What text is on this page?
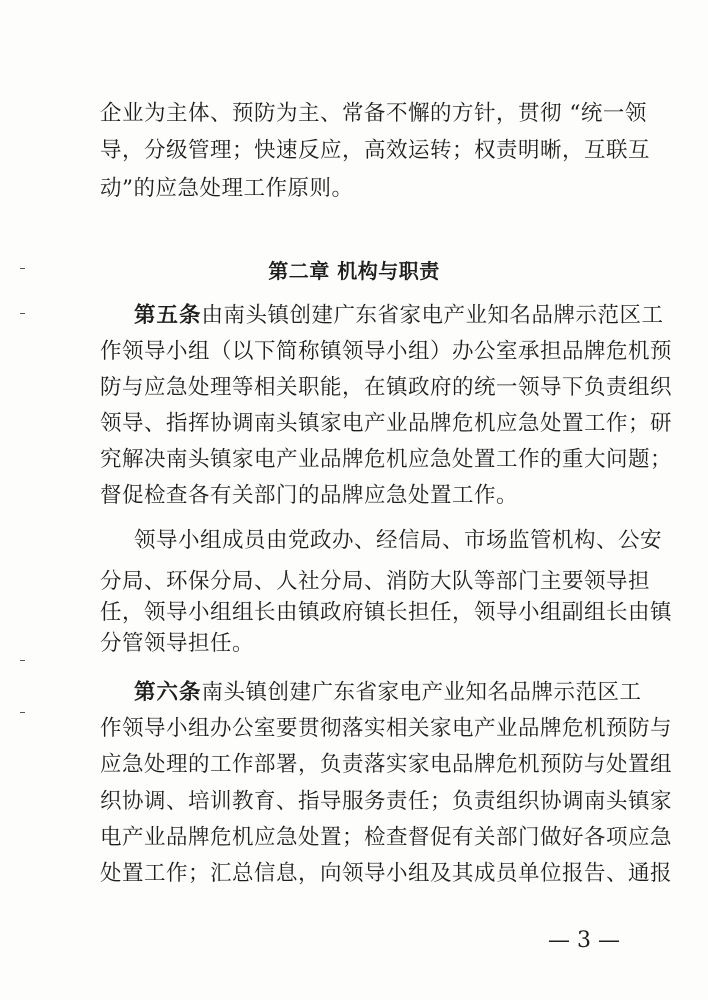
企业为主体、预防为主、常备不懈的方针，贯彻 “统一领
导，分级管理；快速反应，高效运转；权责明晰，互联互
动”的应急处理工作原则。
第二章 机构与职责
第五条由南头镇创建广东省家电产业知名品牌示范区工
作领导小组（以下简称镇领导小组）办公室承担品牌危机预
防与应急处理等相关职能，在镇政府的统一领导下负责组织
领导、指挥协调南头镇家电产业品牌危机应急处置工作；研
究解决南头镇家电产业品牌危机应急处置工作的重大问题；
督促检查各有关部门的品牌应急处置工作。
领导小组成员由党政办、经信局、市场监管机构、公安
分局、环保分局、人社分局、消防大队等部门主要领导担
任，领导小组组长由镇政府镇长担任，领导小组副组长由镇
分管领导担任。
第六条南头镇创建广东省家电产业知名品牌示范区工
作领导小组办公室要贯彻落实相关家电产业品牌危机预防与
应急处理的工作部署，负责落实家电品牌危机预防与处置组
织协调、培训教育、指导服务责任；负责组织协调南头镇家
电产业品牌危机应急处置；检查督促有关部门做好各项应急
处置工作；汇总信息，向领导小组及其成员单位报告、通报
— 3 —
